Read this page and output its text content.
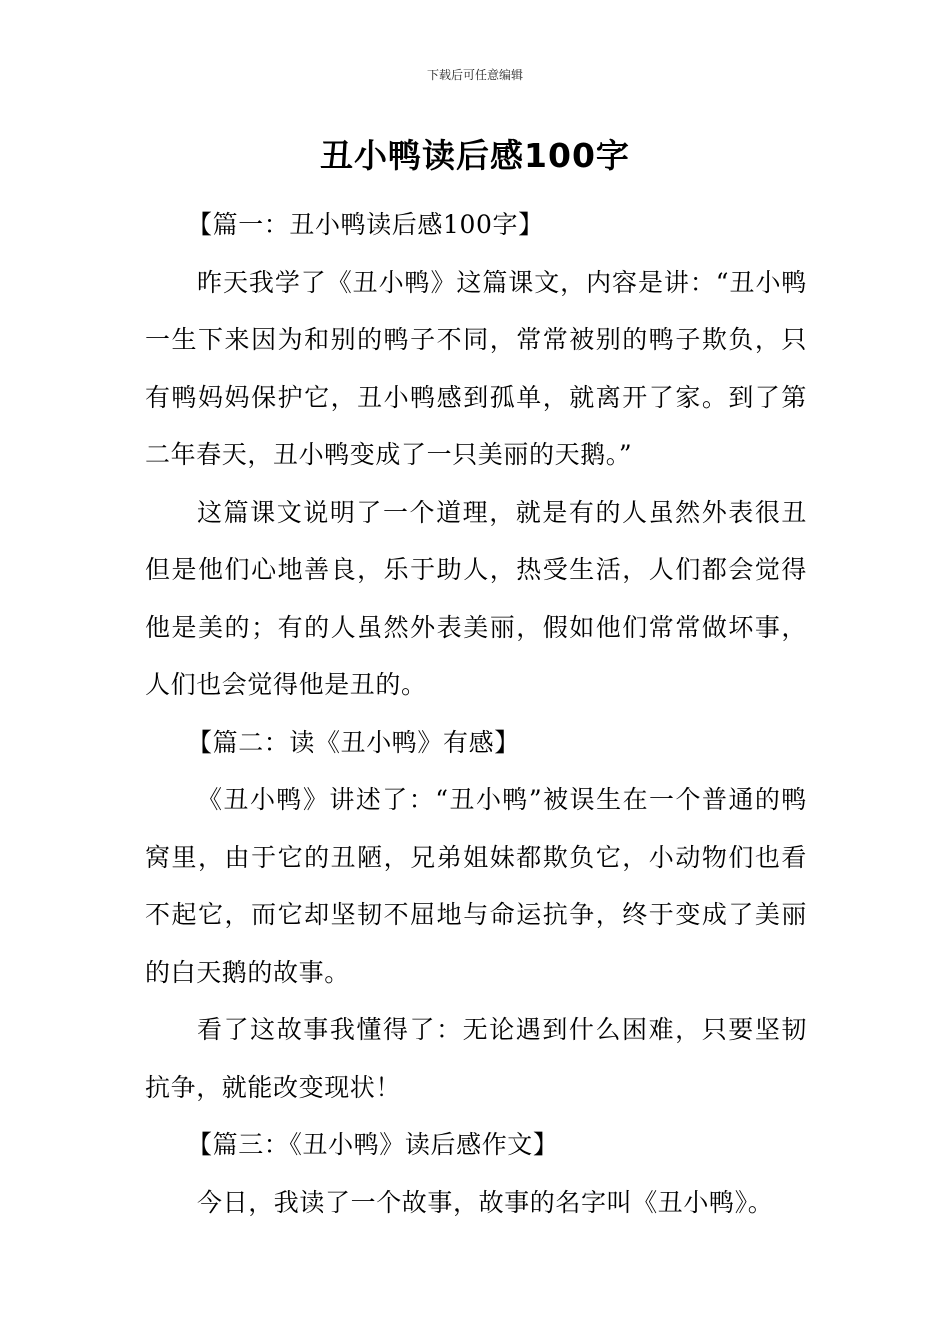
下载后可任意编辑
丑小鸭读后感100字

【篇一：丑小鸭读后感100字】

昨天我学了《丑小鸭》这篇课文，内容是讲：“丑小鸭一生下来因为和别的鸭子不同，常常被别的鸭子欺负，只有鸭妈妈保护它，丑小鸭感到孤单，就离开了家。到了第二年春天，丑小鸭变成了一只美丽的天鹅。”

这篇课文说明了一个道理，就是有的人虽然外表很丑但是他们心地善良，乐于助人，热受生活，人们都会觉得他是美的；有的人虽然外表美丽，假如他们常常做坏事，人们也会觉得他是丑的。

【篇二：读《丑小鸭》有感】

《丑小鸭》讲述了：“丑小鸭”被误生在一个普通的鸭窝里，由于它的丑陋，兄弟姐妹都欺负它，小动物们也看不起它，而它却坚韧不屈地与命运抗争，终于变成了美丽的白天鹅的故事。

看了这故事我懂得了：无论遇到什么困难，只要坚韧抗争，就能改变现状！

【篇三：《丑小鸭》读后感作文】

今日，我读了一个故事，故事的名字叫《丑小鸭》。
